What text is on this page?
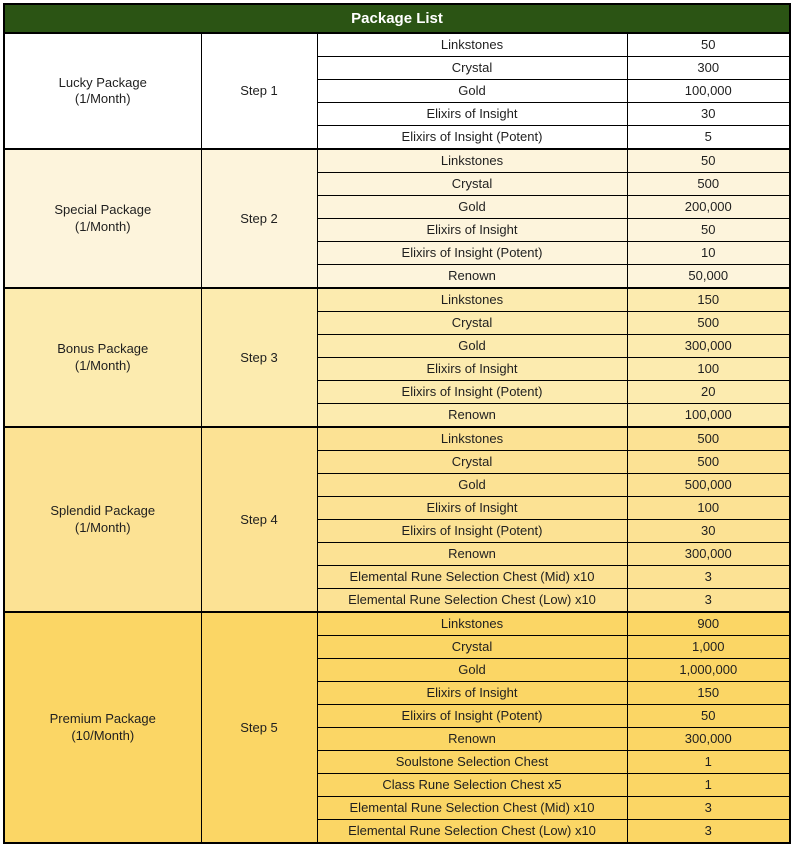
Package List			

Lucky Package
(1/Month)	Step 1	Linkstones	50
		Crystal	300
		Gold	100,000
		Elixirs of Insight	30
		Elixirs of Insight (Potent)	5

Special Package
(1/Month)	Step 2	Linkstones	50
		Crystal	500
		Gold	200,000
		Elixirs of Insight	50
		Elixirs of Insight (Potent)	10
		Renown	50,000

Bonus Package
(1/Month)	Step 3	Linkstones	150
		Crystal	500
		Gold	300,000
		Elixirs of Insight	100
		Elixirs of Insight (Potent)	20
		Renown	100,000

Splendid Package
(1/Month)	Step 4	Linkstones	500
		Crystal	500
		Gold	500,000
		Elixirs of Insight	100
		Elixirs of Insight (Potent)	30
		Renown	300,000
		Elemental Rune Selection Chest (Mid) x10	3
		Elemental Rune Selection Chest (Low) x10	3

Premium Package
(10/Month)	Step 5	Linkstones	900
		Crystal	1,000
		Gold	1,000,000
		Elixirs of Insight	150
		Elixirs of Insight (Potent)	50
		Renown	300,000
		Soulstone Selection Chest	1
		Class Rune Selection Chest x5	1
		Elemental Rune Selection Chest (Mid) x10	3
		Elemental Rune Selection Chest (Low) x10	3
